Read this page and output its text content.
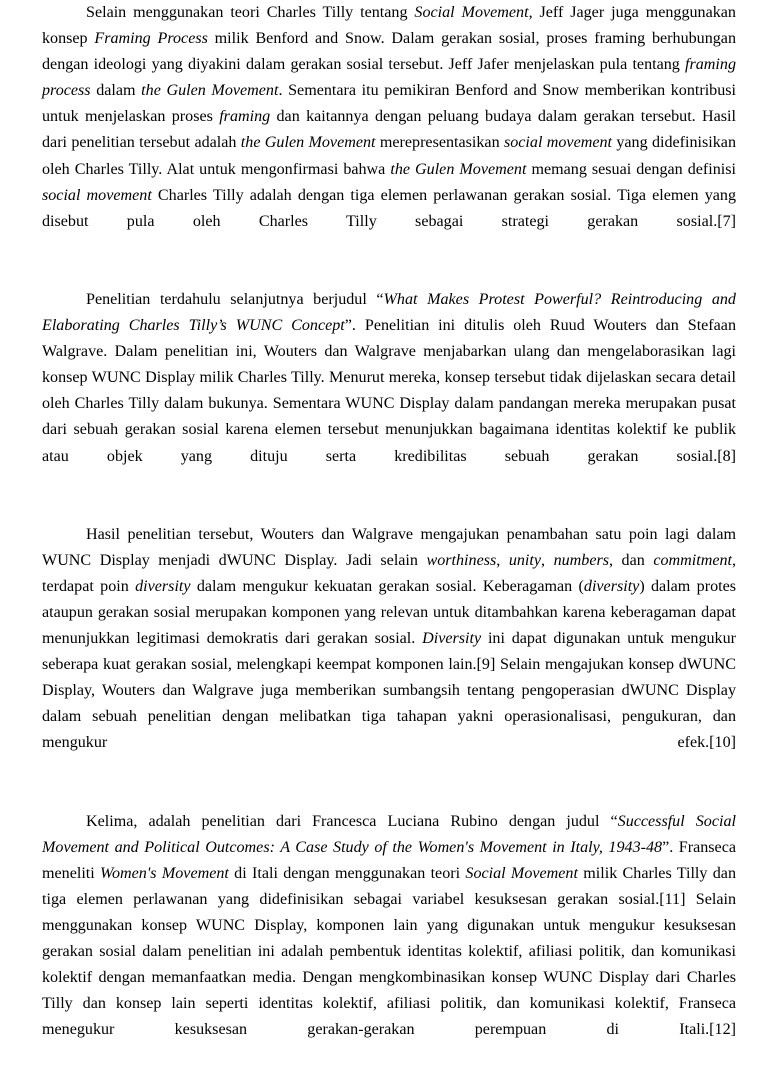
Selain menggunakan teori Charles Tilly tentang Social Movement, Jeff Jager juga menggunakan konsep Framing Process milik Benford and Snow. Dalam gerakan sosial, proses framing berhubungan dengan ideologi yang diyakini dalam gerakan sosial tersebut. Jeff Jafer menjelaskan pula tentang framing process dalam the Gulen Movement. Sementara itu pemikiran Benford and Snow memberikan kontribusi untuk menjelaskan proses framing dan kaitannya dengan peluang budaya dalam gerakan tersebut. Hasil dari penelitian tersebut adalah the Gulen Movement merepresentasikan social movement yang didefinisikan oleh Charles Tilly. Alat untuk mengonfirmasi bahwa the Gulen Movement memang sesuai dengan definisi social movement Charles Tilly adalah dengan tiga elemen perlawanan gerakan sosial. Tiga elemen yang disebut pula oleh Charles Tilly sebagai strategi gerakan sosial.[7]

Penelitian terdahulu selanjutnya berjudul “What Makes Protest Powerful? Reintroducing and Elaborating Charles Tilly’s WUNC Concept”. Penelitian ini ditulis oleh Ruud Wouters dan Stefaan Walgrave. Dalam penelitian ini, Wouters dan Walgrave menjabarkan ulang dan mengelaborasikan lagi konsep WUNC Display milik Charles Tilly. Menurut mereka, konsep tersebut tidak dijelaskan secara detail oleh Charles Tilly dalam bukunya. Sementara WUNC Display dalam pandangan mereka merupakan pusat dari sebuah gerakan sosial karena elemen tersebut menunjukkan bagaimana identitas kolektif ke publik atau objek yang dituju serta kredibilitas sebuah gerakan sosial.[8]

Hasil penelitian tersebut, Wouters dan Walgrave mengajukan penambahan satu poin lagi dalam WUNC Display menjadi dWUNC Display. Jadi selain worthiness, unity, numbers, dan commitment, terdapat poin diversity dalam mengukur kekuatan gerakan sosial. Keberagaman (diversity) dalam protes ataupun gerakan sosial merupakan komponen yang relevan untuk ditambahkan karena keberagaman dapat menunjukkan legitimasi demokratis dari gerakan sosial. Diversity ini dapat digunakan untuk mengukur seberapa kuat gerakan sosial, melengkapi keempat komponen lain.[9] Selain mengajukan konsep dWUNC Display, Wouters dan Walgrave juga memberikan sumbangsih tentang pengoperasian dWUNC Display dalam sebuah penelitian dengan melibatkan tiga tahapan yakni operasionalisasi, pengukuran, dan mengukur efek.[10]

Kelima, adalah penelitian dari Francesca Luciana Rubino dengan judul “Successful Social Movement and Political Outcomes: A Case Study of the Women's Movement in Italy, 1943-48”. Franseca meneliti Women's Movement di Itali dengan menggunakan teori Social Movement milik Charles Tilly dan tiga elemen perlawanan yang didefinisikan sebagai variabel kesuksesan gerakan sosial.[11] Selain menggunakan konsep WUNC Display, komponen lain yang digunakan untuk mengukur kesuksesan gerakan sosial dalam penelitian ini adalah pembentuk identitas kolektif, afiliasi politik, dan komunikasi kolektif dengan memanfaatkan media. Dengan mengkombinasikan konsep WUNC Display dari Charles Tilly dan konsep lain seperti identitas kolektif, afiliasi politik, dan komunikasi kolektif, Franseca menegukur kesuksesan gerakan-gerakan perempuan di Itali.[12]
